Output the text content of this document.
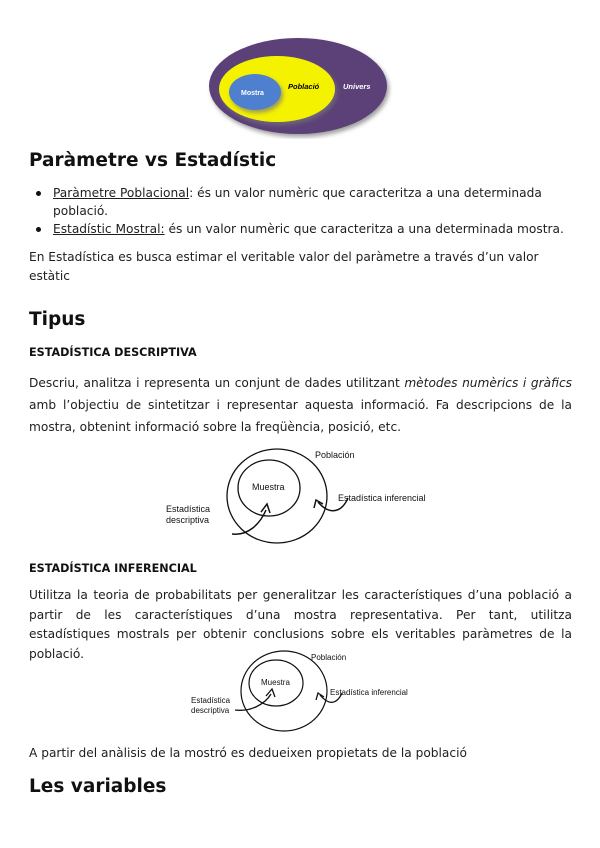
Mostra
Població	Univers
Paràmetre vs Estadístic
Paràmetre Poblacional: és un valor numèric que caracteritza a una determinada població.
Estadístic Mostral: és un valor numèric que caracteritza a una determinada mostra.

En Estadística es busca estimar el veritable valor del paràmetre a través d’un valor estàtic

Tipus
ESTADÍSTICA DESCRIPTIVA

Descriu, analitza i representa un conjunt de dades utilitzant mètodes numèrics i gràfics amb l’objectiu de sintetitzar i representar aquesta informació. Fa descripcions de la mostra, obtenint informació sobre la freqüència, posició, etc.

Población
Muestra
Estadística inferencial
Estadística
descriptiva
ESTADÍSTICA INFERENCIAL

Utilitza la teoria de probabilitats per generalitzar les característiques d’una població a partir de les característiques d’una mostra representativa. Per tant, utilitza estadístiques mostrals per obtenir conclusions sobre els veritables paràmetres de la població.	Población
Muestra
Estadística inferencial
Estadística
descriptiva

A partir del anàlisis de la mostró es dedueixen propietats de la població

Les variables
